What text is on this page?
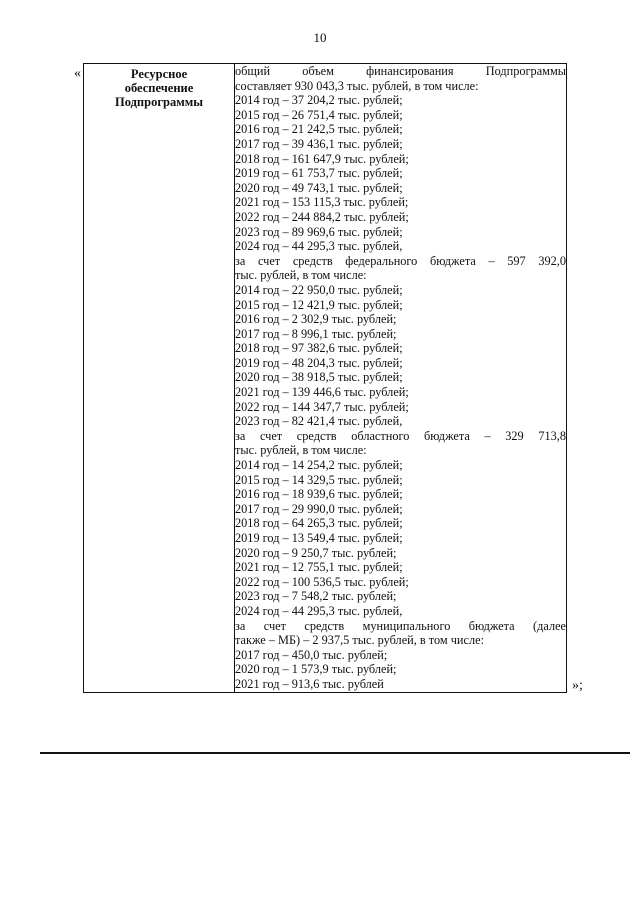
10
«	Ресурсное
обеспечение
Подпрограммы

общий объем финансирования Подпрограммы
составляет 930 043,3 тыс. рублей, в том числе:
2014 год – 37 204,2 тыс. рублей;
2015 год – 26 751,4 тыс. рублей;
2016 год – 21 242,5 тыс. рублей;
2017 год – 39 436,1 тыс. рублей;
2018 год – 161 647,9 тыс. рублей;
2019 год – 61 753,7 тыс. рублей;
2020 год – 49 743,1 тыс. рублей;
2021 год – 153 115,3 тыс. рублей;
2022 год – 244 884,2 тыс. рублей;
2023 год – 89 969,6 тыс. рублей;
2024 год – 44 295,3 тыс. рублей,
за счет средств федерального бюджета – 597 392,0
тыс. рублей, в том числе:
2014 год – 22 950,0 тыс. рублей;
2015 год – 12 421,9 тыс. рублей;
2016 год – 2 302,9 тыс. рублей;
2017 год – 8 996,1 тыс. рублей;
2018 год – 97 382,6 тыс. рублей;
2019 год – 48 204,3 тыс. рублей;
2020 год – 38 918,5 тыс. рублей;
2021 год – 139 446,6 тыс. рублей;
2022 год – 144 347,7 тыс. рублей;
2023 год – 82 421,4 тыс. рублей,
за счет средств областного бюджета – 329 713,8
тыс. рублей, в том числе:
2014 год – 14 254,2 тыс. рублей;
2015 год – 14 329,5 тыс. рублей;
2016 год – 18 939,6 тыс. рублей;
2017 год – 29 990,0 тыс. рублей;
2018 год – 64 265,3 тыс. рублей;
2019 год – 13 549,4 тыс. рублей;
2020 год – 9 250,7 тыс. рублей;
2021 год – 12 755,1 тыс. рублей;
2022 год – 100 536,5 тыс. рублей;
2023 год – 7 548,2 тыс. рублей;
2024 год – 44 295,3 тыс. рублей,
за счет средств муниципального бюджета (далее
также – МБ) – 2 937,5 тыс. рублей, в том числе:
2017 год – 450,0 тыс. рублей;
2020 год – 1 573,9 тыс. рублей;
2021 год – 913,6 тыс. рублей	»;
